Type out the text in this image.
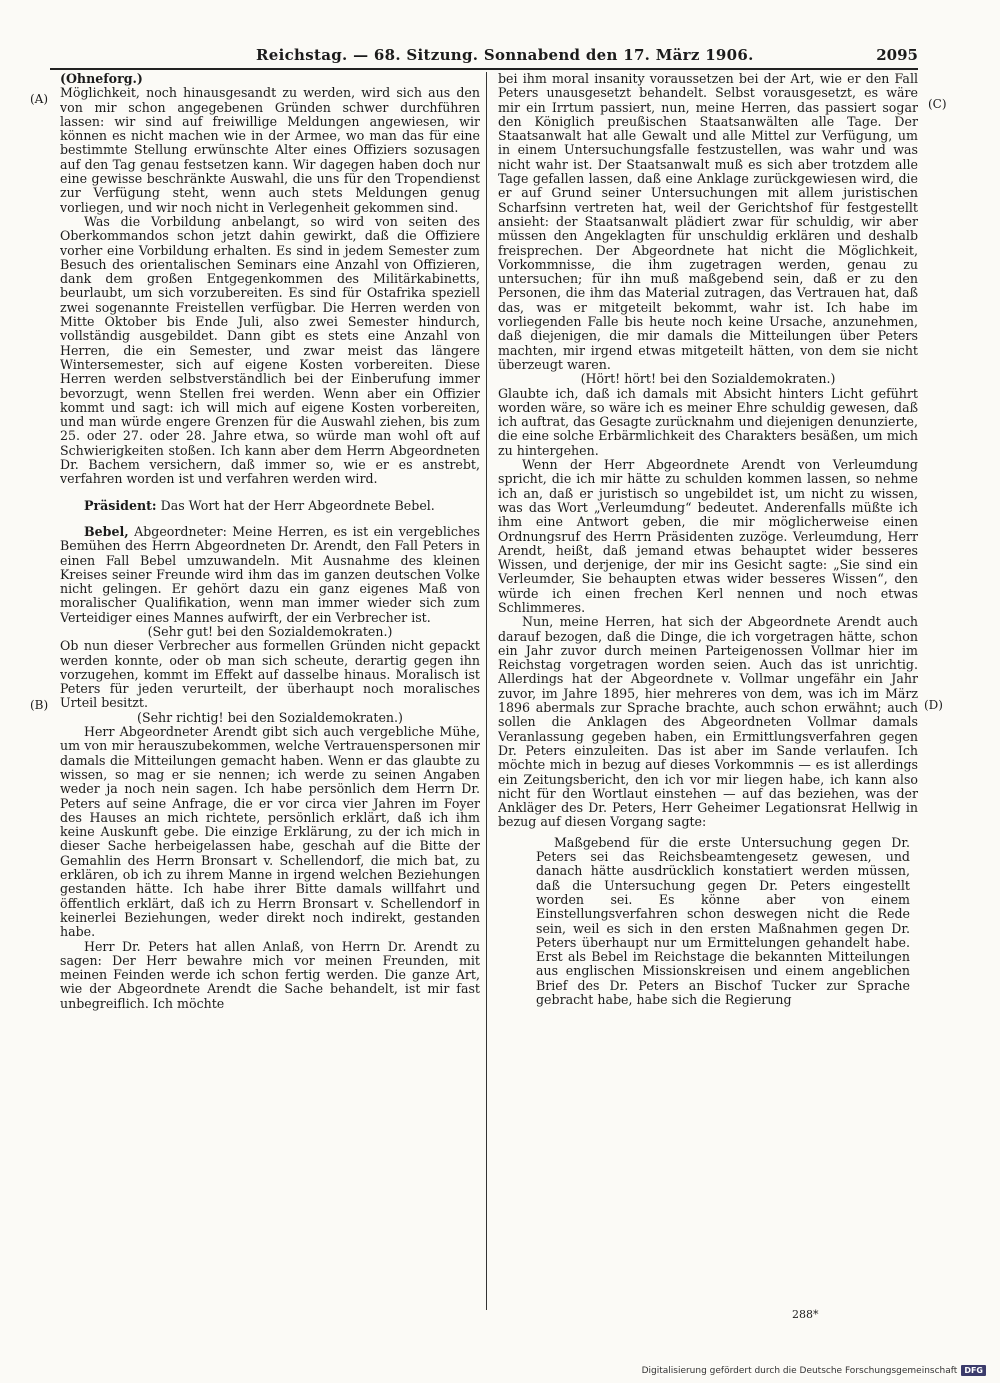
Reichstag. — 68. Sitzung. Sonnabend den 17. März 1906.	2095
(A)
(B)
(C)
(D)

(Ohneforg.)

Möglichkeit, noch hinausgesandt zu werden, wird sich aus den von mir schon angegebenen Gründen schwer durchführen lassen: wir sind auf freiwillige Meldungen angewiesen, wir können es nicht machen wie in der Armee, wo man das für eine bestimmte Stellung erwünschte Alter eines Offiziers sozusagen auf den Tag genau festsetzen kann. Wir dagegen haben doch nur eine gewisse beschränkte Auswahl, die uns für den Tropendienst zur Verfügung steht, wenn auch stets Meldungen genug vorliegen, und wir noch nicht in Verlegenheit gekommen sind.

Was die Vorbildung anbelangt, so wird von seiten des Oberkommandos schon jetzt dahin gewirkt, daß die Offiziere vorher eine Vorbildung erhalten. Es sind in jedem Semester zum Besuch des orientalischen Seminars eine Anzahl von Offizieren, dank dem großen Entgegenkommen des Militärkabinetts, beurlaubt, um sich vorzubereiten. Es sind für Ostafrika speziell zwei sogenannte Freistellen verfügbar. Die Herren werden von Mitte Oktober bis Ende Juli, also zwei Semester hindurch, vollständig ausgebildet. Dann gibt es stets eine Anzahl von Herren, die ein Semester, und zwar meist das längere Wintersemester, sich auf eigene Kosten vorbereiten. Diese Herren werden selbstverständlich bei der Einberufung immer bevorzugt, wenn Stellen frei werden. Wenn aber ein Offizier kommt und sagt: ich will mich auf eigene Kosten vorbereiten, und man würde engere Grenzen für die Auswahl ziehen, bis zum 25. oder 27. oder 28. Jahre etwa, so würde man wohl oft auf Schwierigkeiten stoßen. Ich kann aber dem Herrn Abgeordneten Dr. Bachem versichern, daß immer so, wie er es anstrebt, verfahren worden ist und verfahren werden wird.

Präsident: Das Wort hat der Herr Abgeordnete Bebel.

Bebel, Abgeordneter: Meine Herren, es ist ein vergebliches Bemühen des Herrn Abgeordneten Dr. Arendt, den Fall Peters in einen Fall Bebel umzuwandeln. Mit Ausnahme des kleinen Kreises seiner Freunde wird ihm das im ganzen deutschen Volke nicht gelingen. Er gehört dazu ein ganz eigenes Maß von moralischer Qualifikation, wenn man immer wieder sich zum Verteidiger eines Mannes aufwirft, der ein Verbrecher ist.

(Sehr gut! bei den Sozialdemokraten.)

Ob nun dieser Verbrecher aus formellen Gründen nicht gepackt werden konnte, oder ob man sich scheute, derartig gegen ihn vorzugehen, kommt im Effekt auf dasselbe hinaus. Moralisch ist Peters für jeden verurteilt, der überhaupt noch moralisches Urteil besitzt.

(Sehr richtig! bei den Sozialdemokraten.)

Herr Abgeordneter Arendt gibt sich auch vergebliche Mühe, um von mir herauszubekommen, welche Vertrauenspersonen mir damals die Mitteilungen gemacht haben. Wenn er das glaubte zu wissen, so mag er sie nennen; ich werde zu seinen Angaben weder ja noch nein sagen. Ich habe persönlich dem Herrn Dr. Peters auf seine Anfrage, die er vor circa vier Jahren im Foyer des Hauses an mich richtete, persönlich erklärt, daß ich ihm keine Auskunft gebe. Die einzige Erklärung, zu der ich mich in dieser Sache herbeigelassen habe, geschah auf die Bitte der Gemahlin des Herrn Bronsart v. Schellendorf, die mich bat, zu erklären, ob ich zu ihrem Manne in irgend welchen Beziehungen gestanden hätte. Ich habe ihrer Bitte damals willfahrt und öffentlich erklärt, daß ich zu Herrn Bronsart v. Schellendorf in keinerlei Beziehungen, weder direkt noch indirekt, gestanden habe.

Herr Dr. Peters hat allen Anlaß, von Herrn Dr. Arendt zu sagen: Der Herr bewahre mich vor meinen Freunden, mit meinen Feinden werde ich schon fertig werden. Die ganze Art, wie der Abgeordnete Arendt die Sache behandelt, ist mir fast unbegreiflich. Ich möchte

bei ihm moral insanity voraussetzen bei der Art, wie er den Fall Peters unausgesetzt behandelt. Selbst vorausgesetzt, es wäre mir ein Irrtum passiert, nun, meine Herren, das passiert sogar den Königlich preußischen Staatsanwälten alle Tage. Der Staatsanwalt hat alle Gewalt und alle Mittel zur Verfügung, um in einem Untersuchungsfalle festzustellen, was wahr und was nicht wahr ist. Der Staatsanwalt muß es sich aber trotzdem alle Tage gefallen lassen, daß eine Anklage zurückgewiesen wird, die er auf Grund seiner Untersuchungen mit allem juristischen Scharfsinn vertreten hat, weil der Gerichtshof für festgestellt ansieht: der Staatsanwalt plädiert zwar für schuldig, wir aber müssen den Angeklagten für unschuldig erklären und deshalb freisprechen. Der Abgeordnete hat nicht die Möglichkeit, Vorkommnisse, die ihm zugetragen werden, genau zu untersuchen; für ihn muß maßgebend sein, daß er zu den Personen, die ihm das Material zutragen, das Vertrauen hat, daß das, was er mitgeteilt bekommt, wahr ist. Ich habe im vorliegenden Falle bis heute noch keine Ursache, anzunehmen, daß diejenigen, die mir damals die Mitteilungen über Peters machten, mir irgend etwas mitgeteilt hätten, von dem sie nicht überzeugt waren.

(Hört! hört! bei den Sozialdemokraten.)

Glaubte ich, daß ich damals mit Absicht hinters Licht geführt worden wäre, so wäre ich es meiner Ehre schuldig gewesen, daß ich auftrat, das Gesagte zurücknahm und diejenigen denunzierte, die eine solche Erbärmlichkeit des Charakters besäßen, um mich zu hintergehen.

Wenn der Herr Abgeordnete Arendt von Verleumdung spricht, die ich mir hätte zu schulden kommen lassen, so nehme ich an, daß er juristisch so ungebildet ist, um nicht zu wissen, was das Wort „Verleumdung“ bedeutet. Anderenfalls müßte ich ihm eine Antwort geben, die mir möglicherweise einen Ordnungsruf des Herrn Präsidenten zuzöge. Verleumdung, Herr Arendt, heißt, daß jemand etwas behauptet wider besseres Wissen, und derjenige, der mir ins Gesicht sagte: „Sie sind ein Verleumder, Sie behaupten etwas wider besseres Wissen“, den würde ich einen frechen Kerl nennen und noch etwas Schlimmeres.

Nun, meine Herren, hat sich der Abgeordnete Arendt auch darauf bezogen, daß die Dinge, die ich vorgetragen hätte, schon ein Jahr zuvor durch meinen Parteigenossen Vollmar hier im Reichstag vorgetragen worden seien. Auch das ist unrichtig. Allerdings hat der Abgeordnete v. Vollmar ungefähr ein Jahr zuvor, im Jahre 1895, hier mehreres von dem, was ich im März 1896 abermals zur Sprache brachte, auch schon erwähnt; auch sollen die Anklagen des Abgeordneten Vollmar damals Veranlassung gegeben haben, ein Ermittlungsverfahren gegen Dr. Peters einzuleiten. Das ist aber im Sande verlaufen. Ich möchte mich in bezug auf dieses Vorkommnis — es ist allerdings ein Zeitungsbericht, den ich vor mir liegen habe, ich kann also nicht für den Wortlaut einstehen — auf das beziehen, was der Ankläger des Dr. Peters, Herr Geheimer Legationsrat Hellwig in bezug auf diesen Vorgang sagte:

Maßgebend für die erste Untersuchung gegen Dr. Peters sei das Reichsbeamtengesetz gewesen, und danach hätte ausdrücklich konstatiert werden müssen, daß die Untersuchung gegen Dr. Peters eingestellt worden sei. Es könne aber von einem Einstellungsverfahren schon deswegen nicht die Rede sein, weil es sich in den ersten Maßnahmen gegen Dr. Peters überhaupt nur um Ermittelungen gehandelt habe. Erst als Bebel im Reichstage die bekannten Mitteilungen aus englischen Missionskreisen und einem angeblichen Brief des Dr. Peters an Bischof Tucker zur Sprache gebracht habe, habe sich die Regierung

288*
Digitalisierung gefördert durch die Deutsche Forschungsgemeinschaft DFG
